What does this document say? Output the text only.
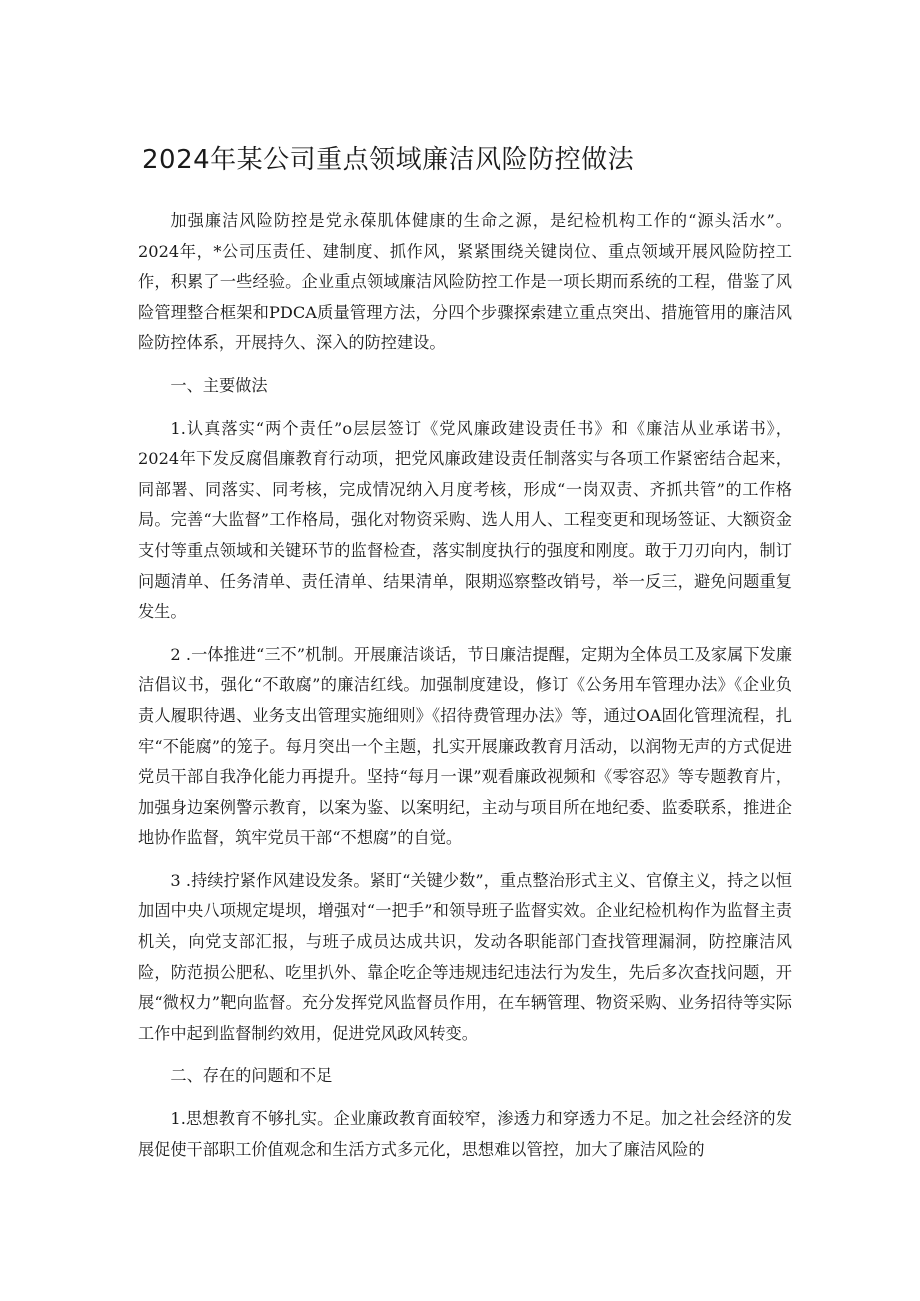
2024年某公司重点领域廉洁风险防控做法

加强廉洁风险防控是党永葆肌体健康的生命之源，是纪检机构工作的“源头活水”。2024年，*公司压责任、建制度、抓作风，紧紧围绕关键岗位、重点领域开展风险防控工作，积累了一些经验。企业重点领域廉洁风险防控工作是一项长期而系统的工程，借鉴了风险管理整合框架和PDCA质量管理方法，分四个步骤探索建立重点突出、措施管用的廉洁风险防控体系，开展持久、深入的防控建设。

一、主要做法

1.认真落实“两个责任”o层层签订《党风廉政建设责任书》和《廉洁从业承诺书》，2024年下发反腐倡廉教育行动项，把党风廉政建设责任制落实与各项工作紧密结合起来，同部署、同落实、同考核，完成情况纳入月度考核，形成“一岗双责、齐抓共管”的工作格局。完善“大监督”工作格局，强化对物资采购、选人用人、工程变更和现场签证、大额资金支付等重点领域和关键环节的监督检查，落实制度执行的强度和刚度。敢于刀刃向内，制订问题清单、任务清单、责任清单、结果清单，限期巡察整改销号，举一反三，避免问题重复发生。

2 .一体推进“三不”机制。开展廉洁谈话，节日廉洁提醒，定期为全体员工及家属下发廉洁倡议书，强化“不敢腐”的廉洁红线。加强制度建设，修订《公务用车管理办法》《企业负责人履职待遇、业务支出管理实施细则》《招待费管理办法》等，通过OA固化管理流程，扎牢“不能腐”的笼子。每月突出一个主题，扎实开展廉政教育月活动，以润物无声的方式促进党员干部自我净化能力再提升。坚持“每月一课”观看廉政视频和《零容忍》等专题教育片，加强身边案例警示教育，以案为鉴、以案明纪，主动与项目所在地纪委、监委联系，推进企地协作监督，筑牢党员干部“不想腐”的自觉。

3 .持续拧紧作风建设发条。紧盯“关键少数”，重点整治形式主义、官僚主义，持之以恒加固中央八项规定堤坝，增强对“一把手”和领导班子监督实效。企业纪检机构作为监督主责机关，向党支部汇报，与班子成员达成共识，发动各职能部门查找管理漏洞，防控廉洁风险，防范损公肥私、吃里扒外、靠企吃企等违规违纪违法行为发生，先后多次查找问题，开展“微权力”靶向监督。充分发挥党风监督员作用，在车辆管理、物资采购、业务招待等实际工作中起到监督制约效用，促进党风政风转变。

二、存在的问题和不足

1.思想教育不够扎实。企业廉政教育面较窄，渗透力和穿透力不足。加之社会经济的发展促使干部职工价值观念和生活方式多元化，思想难以管控，加大了廉洁风险的
